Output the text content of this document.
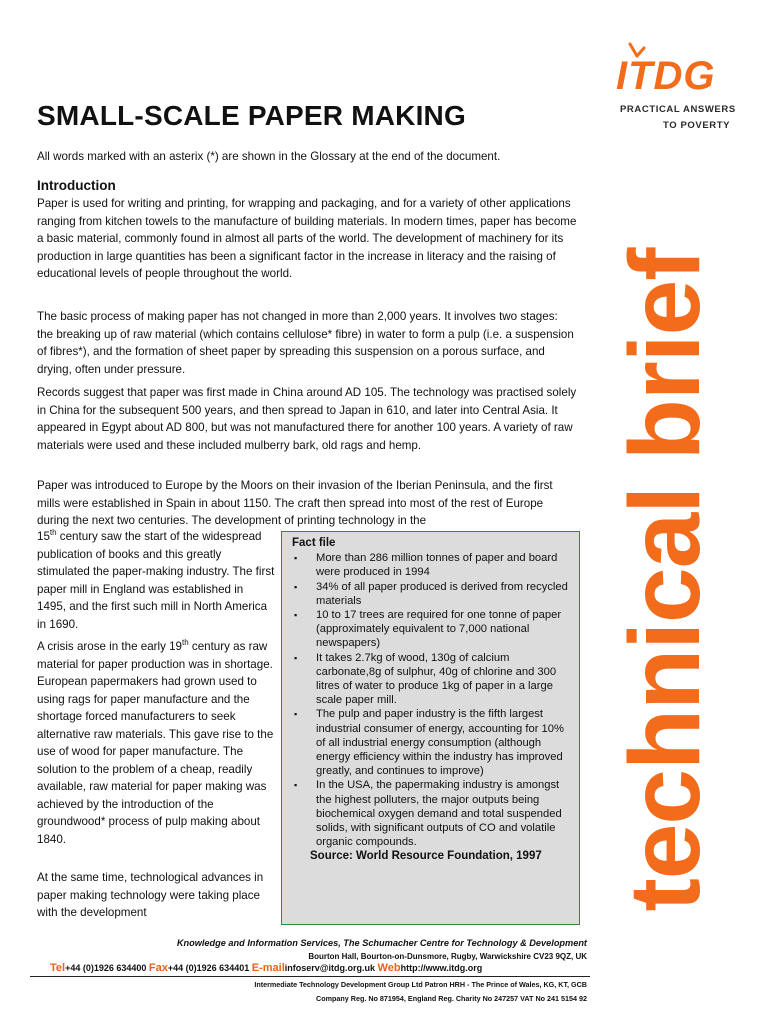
ITDG
PRACTICAL ANSWERS
TO POVERTY
technical brief
SMALL-SCALE PAPER MAKING

All words marked with an asterix (*) are shown in the Glossary at the end of the document.

Introduction

Paper is used for writing and printing, for wrapping and packaging, and for a variety of other applications ranging from kitchen towels to the manufacture of building materials. In modern times, paper has become a basic material, commonly found in almost all parts of the world. The development of machinery for its production in large quantities has been a significant factor in the increase in literacy and the raising of educational levels of people throughout the world.

The basic process of making paper has not changed in more than 2,000 years. It involves two stages: the breaking up of raw material (which contains cellulose* fibre) in water to form a pulp (i.e. a suspension of fibres*), and the formation of sheet paper by spreading this suspension on a porous surface, and drying, often under pressure.

Records suggest that paper was first made in China around AD 105. The technology was practised solely in China for the subsequent 500 years, and then spread to Japan in 610, and later into Central Asia. It appeared in Egypt about AD 800, but was not manufactured there for another 100 years. A variety of raw materials were used and these included mulberry bark, old rags and hemp.

Paper was introduced to Europe by the Moors on their invasion of the Iberian Peninsula, and the first mills were established in Spain in about 1150. The craft then spread into most of the rest of Europe during the next two centuries. The development of printing technology in the

15th century saw the start of the widespread publication of books and this greatly stimulated the paper-making industry. The first paper mill in England was established in 1495, and the first such mill in North America in 1690.

A crisis arose in the early 19th century as raw material for paper production was in shortage. European papermakers had grown used to using rags for paper manufacture and the shortage forced manufacturers to seek alternative raw materials. This gave rise to the use of wood for paper manufacture. The solution to the problem of a cheap, readily available, raw material for paper making was achieved by the introduction of the groundwood* process of pulp making about 1840.

At the same time, technological advances in paper making technology were taking place with the development

Fact file

▪ More than 286 million tonnes of paper and board were produced in 1994
▪ 34% of all paper produced is derived from recycled materials
▪ 10 to 17 trees are required for one tonne of paper (approximately equivalent to 7,000 national newspapers)
▪ It takes 2.7kg of wood, 130g of calcium carbonate,8g of sulphur, 40g of chlorine and 300 litres of water to produce 1kg of paper in a large scale paper mill.
▪ The pulp and paper industry is the fifth largest industrial consumer of energy, accounting for 10% of all industrial energy consumption (although energy efficiency within the industry has improved greatly, and continues to improve)
▪ In the USA, the papermaking industry is amongst the highest polluters, the major outputs being biochemical oxygen demand and total suspended solids, with significant outputs of CO and volatile organic compounds.

Source: World Resource Foundation, 1997

Knowledge and Information Services, The Schumacher Centre for Technology & Development

Bourton Hall, Bourton-on-Dunsmore, Rugby, Warwickshire CV23 9QZ, UK

Tel+44 (0)1926 634400 Fax+44 (0)1926 634401 E-mailinfoserv@itdg.org.uk Webhttp://www.itdg.org

Intermediate Technology Development Group Ltd Patron HRH - The Prince of Wales, KG, KT, GCB

Company Reg. No 871954, England Reg. Charity No 247257 VAT No 241 5154 92
